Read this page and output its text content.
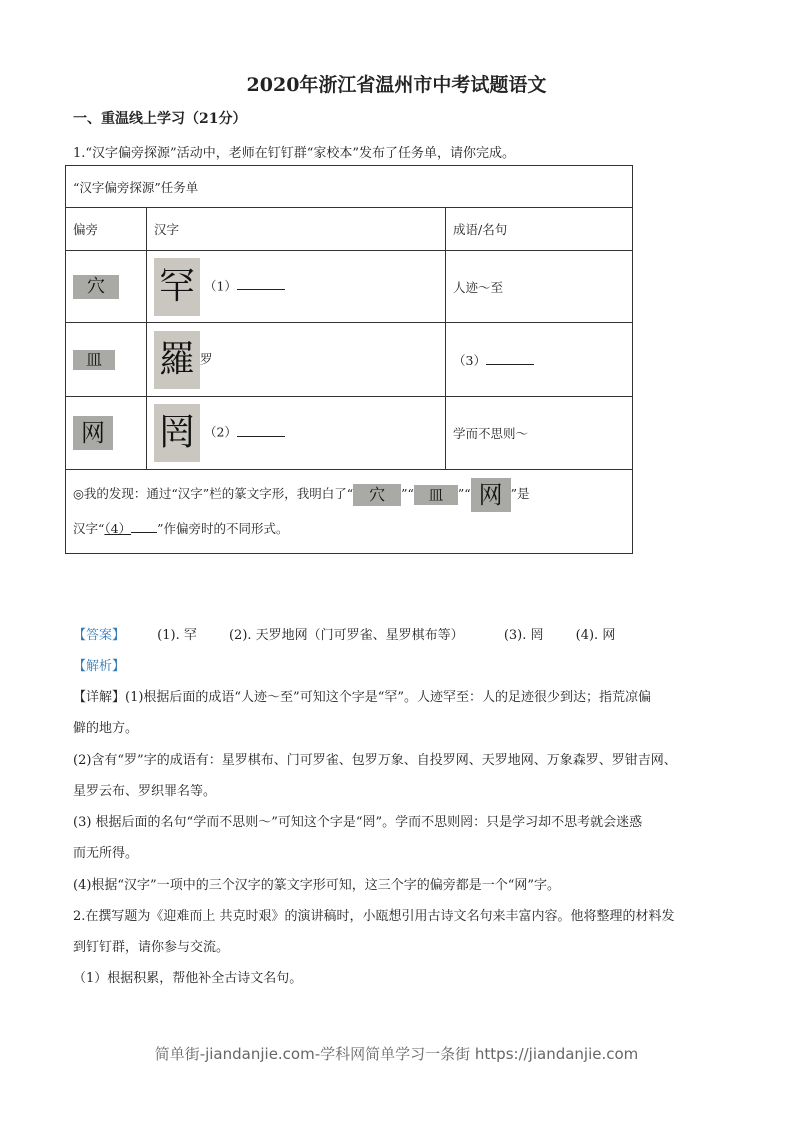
2020年浙江省温州市中考试题语文
一、重温线上学习（21分）
1.“汉字偏旁探源”活动中，老师在钉钉群“家校本”发布了任务单，请你完成。
“汉字偏旁探源”任务单		
偏旁	汉字	成语/名句
穴	罕 （1）	人迹～至
皿	羅 罗	（3）
网	罔 （2）	学而不思则～
◎我的发现：通过“汉字”栏的篆文字形，我明白了“ 穴 ”“ 皿 ”“ 网 ”是
汉字“（4） ”作偏旁时的不同形式。		
【答案】 (1). 罕 (2). 天罗地网（门可罗雀、星罗棋布等）	(3). 罔 (4). 网
【解析】
【详解】(1)根据后面的成语“人迹～至”可知这个字是“罕”。人迹罕至：人的足迹很少到达；指荒凉偏
僻的地方。
(2)含有“罗”字的成语有：星罗棋布、门可罗雀、包罗万象、自投罗网、天罗地网、万象森罗、罗钳吉网、
星罗云布、罗织罪名等。
(3) 根据后面的名句“学而不思则～”可知这个字是“罔”。学而不思则罔：只是学习却不思考就会迷惑
而无所得。
(4)根据“汉字”一项中的三个汉字的篆文字形可知，这三个字的偏旁都是一个“网”字。
2.在撰写题为《迎难而上 共克时艰》的演讲稿时，小瓯想引用古诗文名句来丰富内容。他将整理的材料发
到钉钉群，请你参与交流。
（1）根据积累，帮他补全古诗文名句。
简单街-jiandanjie.com-学科网简单学习一条街 https://jiandanjie.com
